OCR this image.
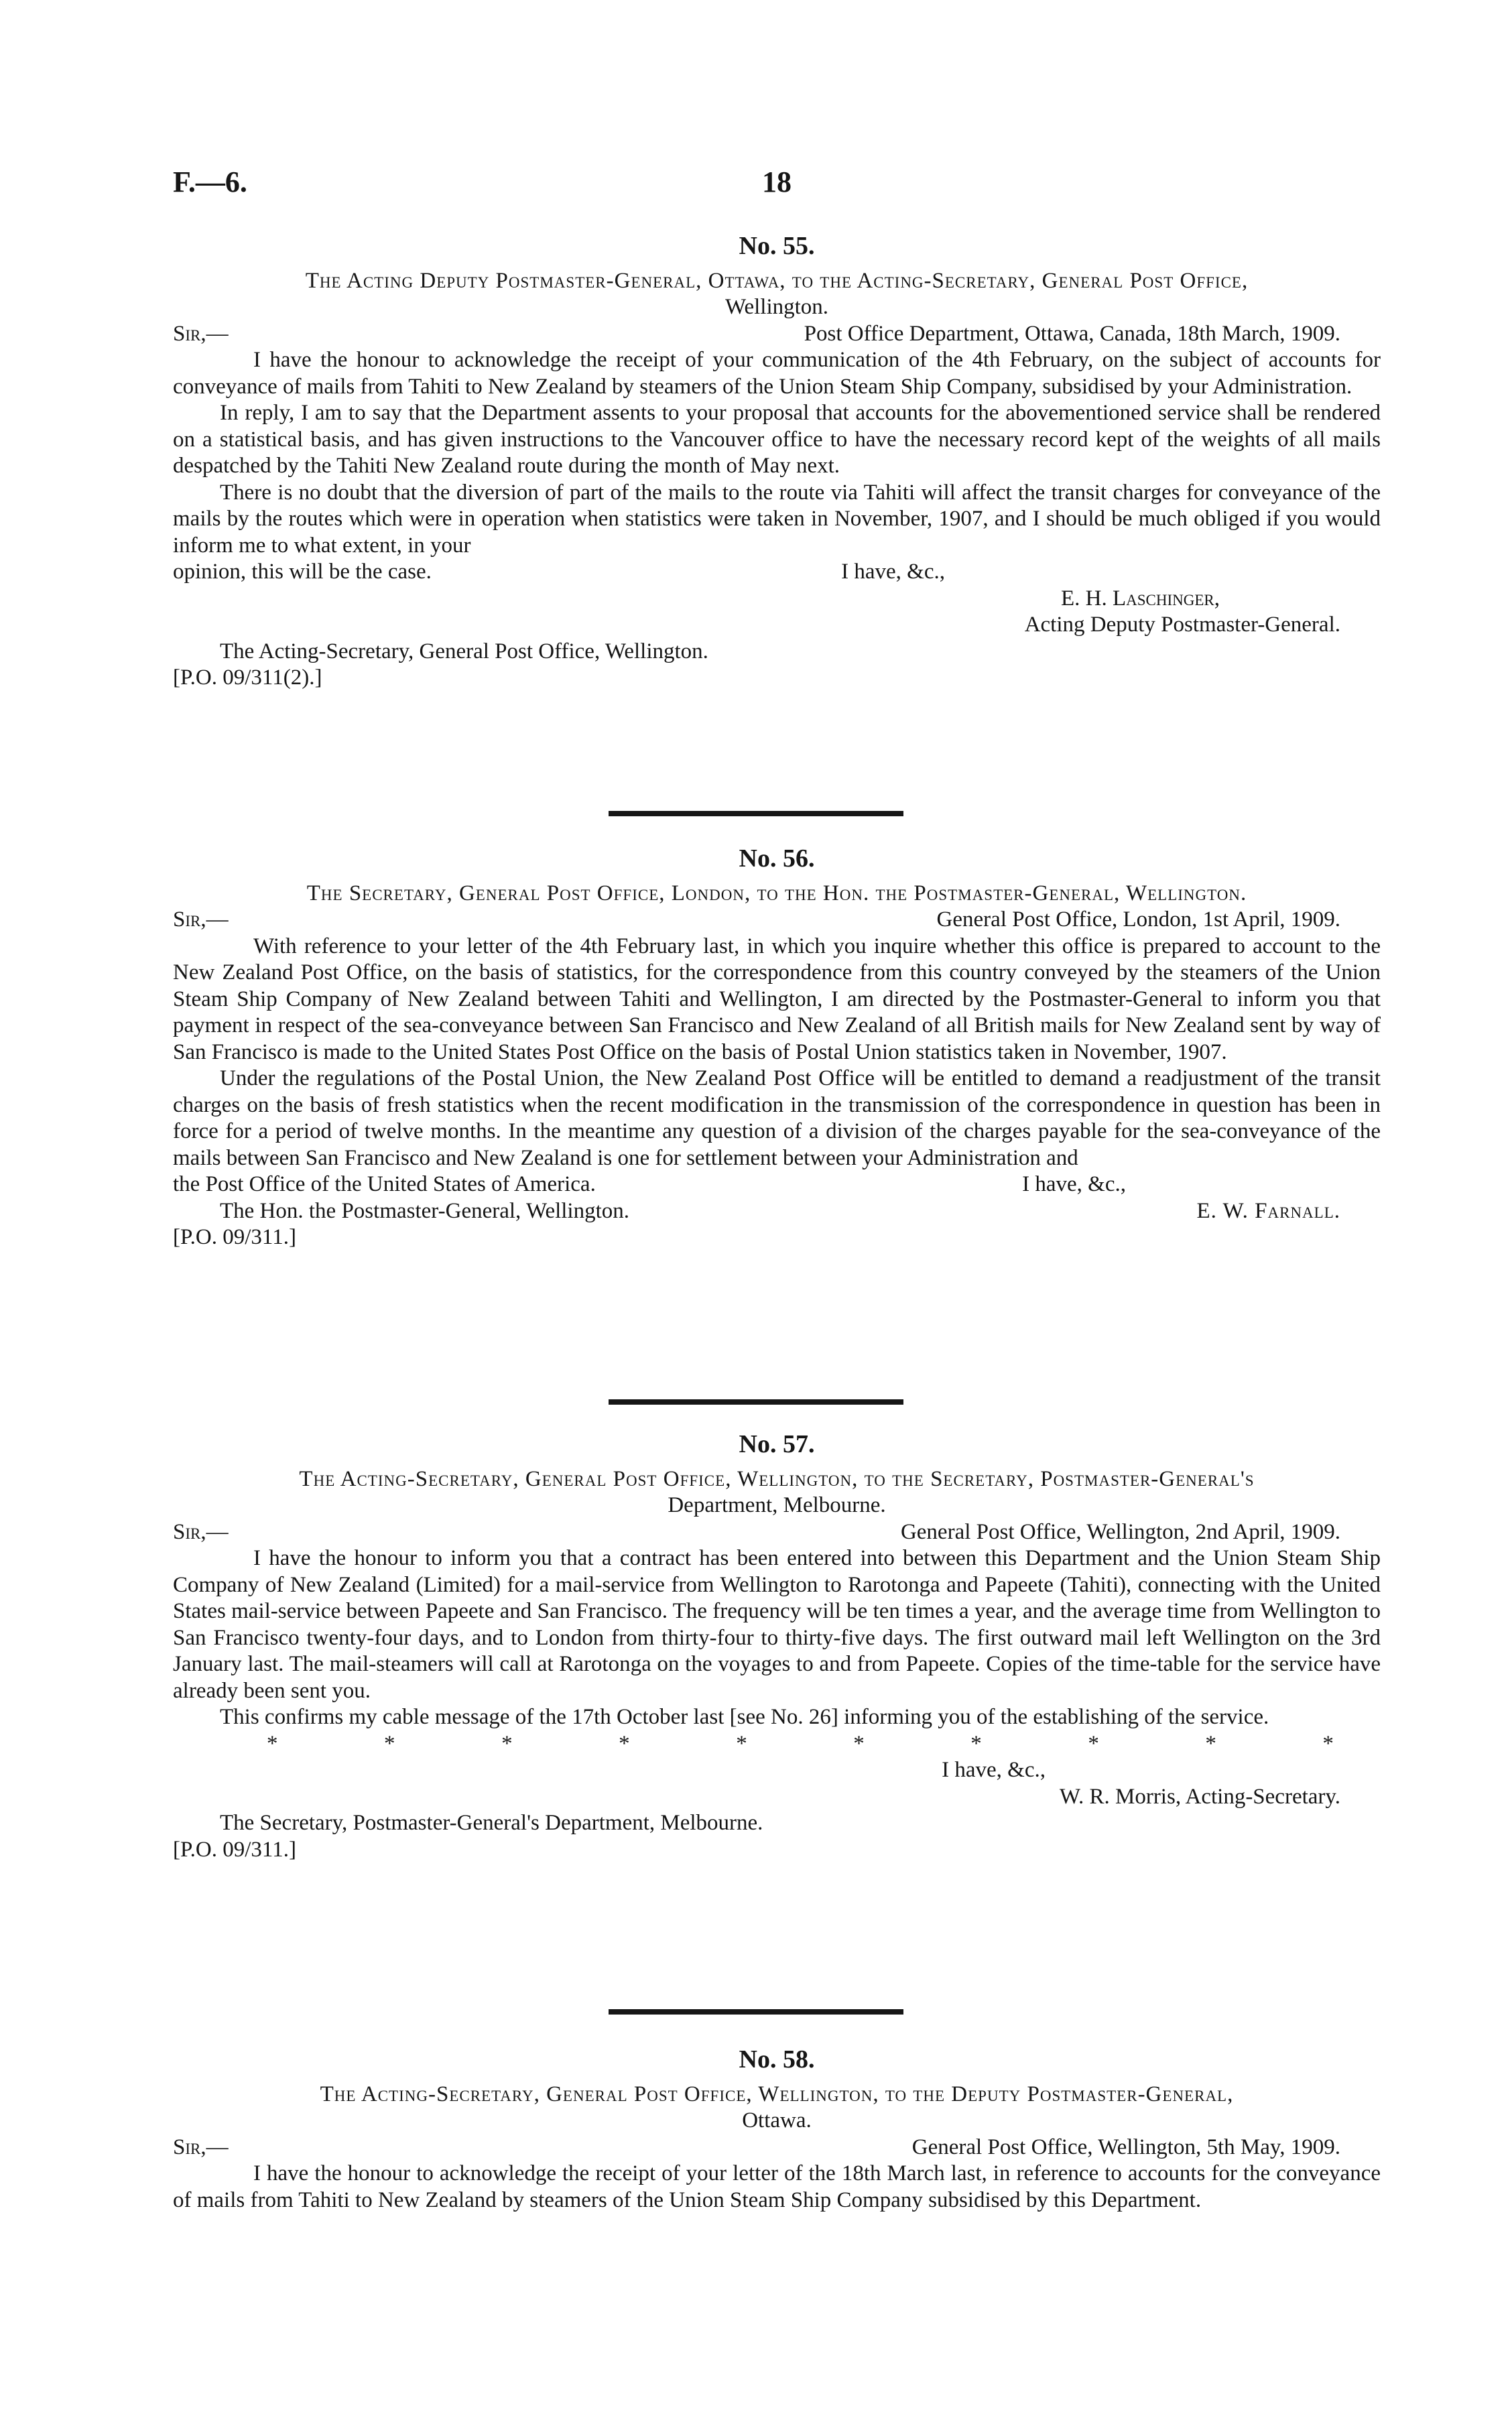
F.—6.	18
No. 55.

The Acting Deputy Postmaster-General, Ottawa, to the Acting-Secretary, General Post Office,

Wellington.

Sir,—	Post Office Department, Ottawa, Canada, 18th March, 1909.

I have the honour to acknowledge the receipt of your communication of the 4th February, on the subject of accounts for conveyance of mails from Tahiti to New Zealand by steamers of the Union Steam Ship Company, subsidised by your Administration.

In reply, I am to say that the Department assents to your proposal that accounts for the abovementioned service shall be rendered on a statistical basis, and has given instructions to the Vancouver office to have the necessary record kept of the weights of all mails despatched by the Tahiti New Zealand route during the month of May next.

There is no doubt that the diversion of part of the mails to the route via Tahiti will affect the transit charges for conveyance of the mails by the routes which were in operation when statistics were taken in November, 1907, and I should be much obliged if you would inform me to what extent, in your

opinion, this will be the case.	I have, &c.,

E. H. Laschinger,

Acting Deputy Postmaster-General.

The Acting-Secretary, General Post Office, Wellington.

[P.O. 09/311(2).]

No. 56.

The Secretary, General Post Office, London, to the Hon. the Postmaster-General, Wellington.

Sir,—	General Post Office, London, 1st April, 1909.

With reference to your letter of the 4th February last, in which you inquire whether this office is prepared to account to the New Zealand Post Office, on the basis of statistics, for the correspondence from this country conveyed by the steamers of the Union Steam Ship Company of New Zealand between Tahiti and Wellington, I am directed by the Postmaster-General to inform you that payment in respect of the sea-conveyance between San Francisco and New Zealand of all British mails for New Zealand sent by way of San Francisco is made to the United States Post Office on the basis of Postal Union statistics taken in November, 1907.

Under the regulations of the Postal Union, the New Zealand Post Office will be entitled to demand a readjustment of the transit charges on the basis of fresh statistics when the recent modification in the transmission of the correspondence in question has been in force for a period of twelve months. In the meantime any question of a division of the charges payable for the sea-conveyance of the mails between San Francisco and New Zealand is one for settlement between your Administration and

the Post Office of the United States of America.	I have, &c.,
The Hon. the Postmaster-General, Wellington.	E. W. Farnall.

[P.O. 09/311.]

No. 57.

The Acting-Secretary, General Post Office, Wellington, to the Secretary, Postmaster-General's

Department, Melbourne.

Sir,—	General Post Office, Wellington, 2nd April, 1909.

I have the honour to inform you that a contract has been entered into between this Department and the Union Steam Ship Company of New Zealand (Limited) for a mail-service from Wellington to Rarotonga and Papeete (Tahiti), connecting with the United States mail-service between Papeete and San Francisco. The frequency will be ten times a year, and the average time from Wellington to San Francisco twenty-four days, and to London from thirty-four to thirty-five days. The first outward mail left Wellington on the 3rd January last. The mail-steamers will call at Rarotonga on the voyages to and from Papeete. Copies of the time-table for the service have already been sent you.

This confirms my cable message of the 17th October last [see No. 26] informing you of the establishing of the service.

*	*	*	*	*	*	*	*	*	*

I have, &c.,

W. R. Morris, Acting-Secretary.

The Secretary, Postmaster-General's Department, Melbourne.

[P.O. 09/311.]

No. 58.

The Acting-Secretary, General Post Office, Wellington, to the Deputy Postmaster-General,

Ottawa.

Sir,—	General Post Office, Wellington, 5th May, 1909.

I have the honour to acknowledge the receipt of your letter of the 18th March last, in reference to accounts for the conveyance of mails from Tahiti to New Zealand by steamers of the Union Steam Ship Company subsidised by this Department.
